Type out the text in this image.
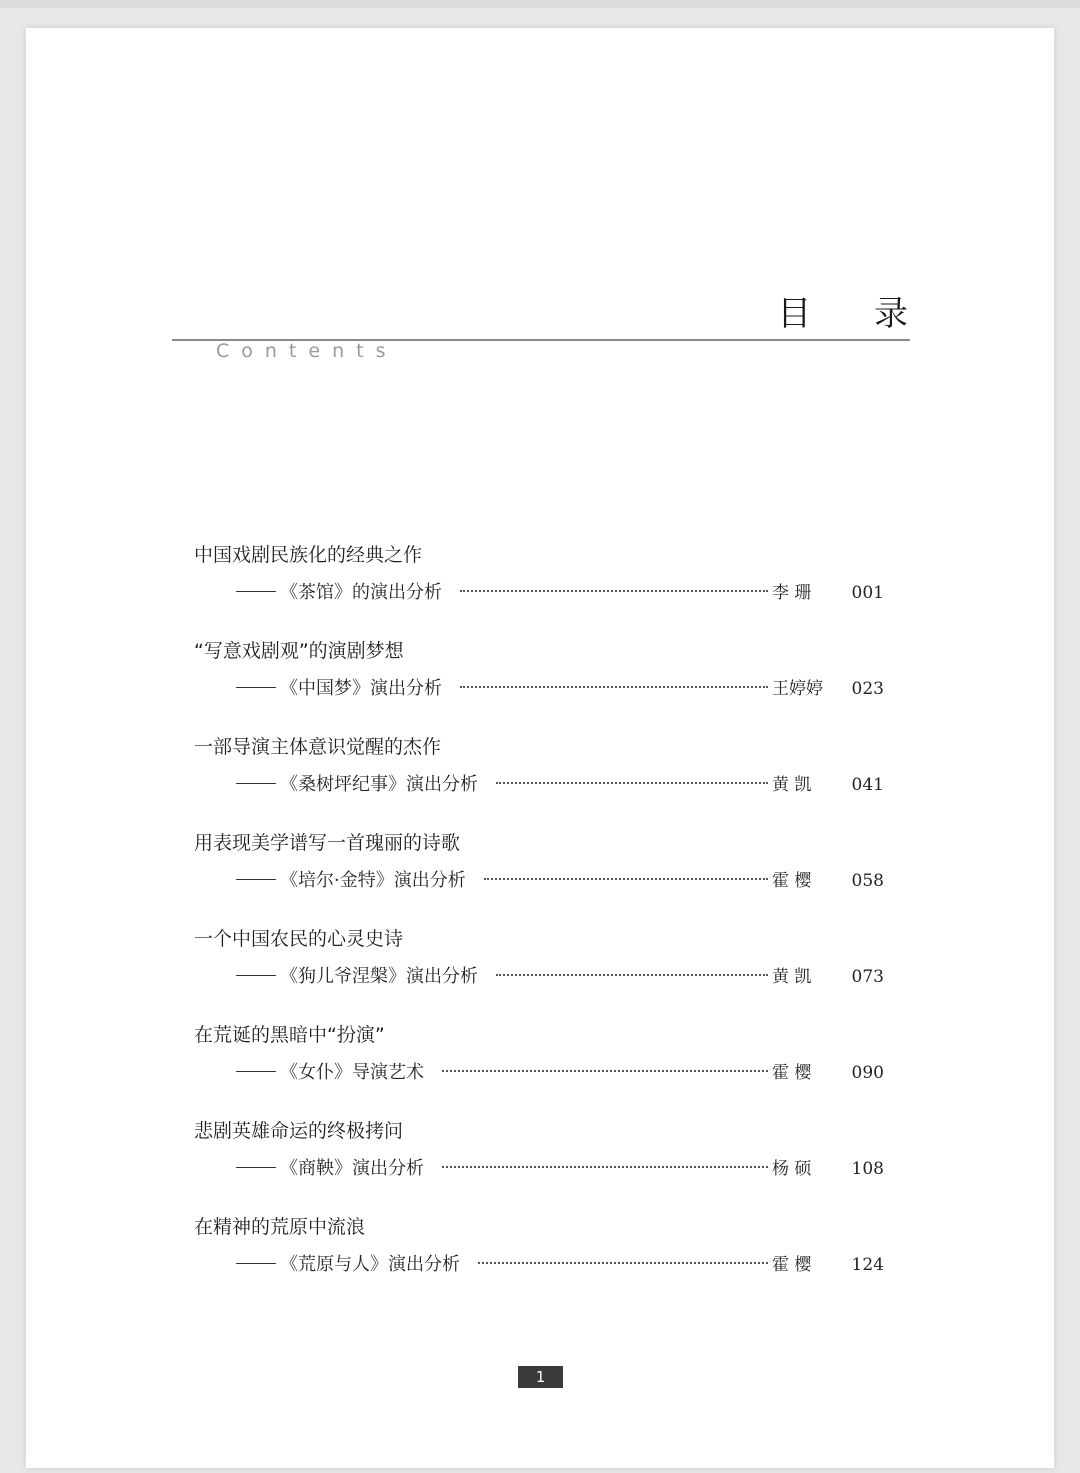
目 录
Contents
中国戏剧民族化的经典之作
《茶馆》的演出分析	李 珊	001
“写意戏剧观”的演剧梦想
《中国梦》演出分析	王婷婷	023
一部导演主体意识觉醒的杰作
《桑树坪纪事》演出分析	黄 凯	041
用表现美学谱写一首瑰丽的诗歌
《培尔·金特》演出分析	霍 樱	058
一个中国农民的心灵史诗
《狗儿爷涅槃》演出分析	黄 凯	073
在荒诞的黑暗中“扮演”
《女仆》导演艺术	霍 樱	090
悲剧英雄命运的终极拷问
《商鞅》演出分析	杨 硕	108
在精神的荒原中流浪
《荒原与人》演出分析	霍 樱	124
1
